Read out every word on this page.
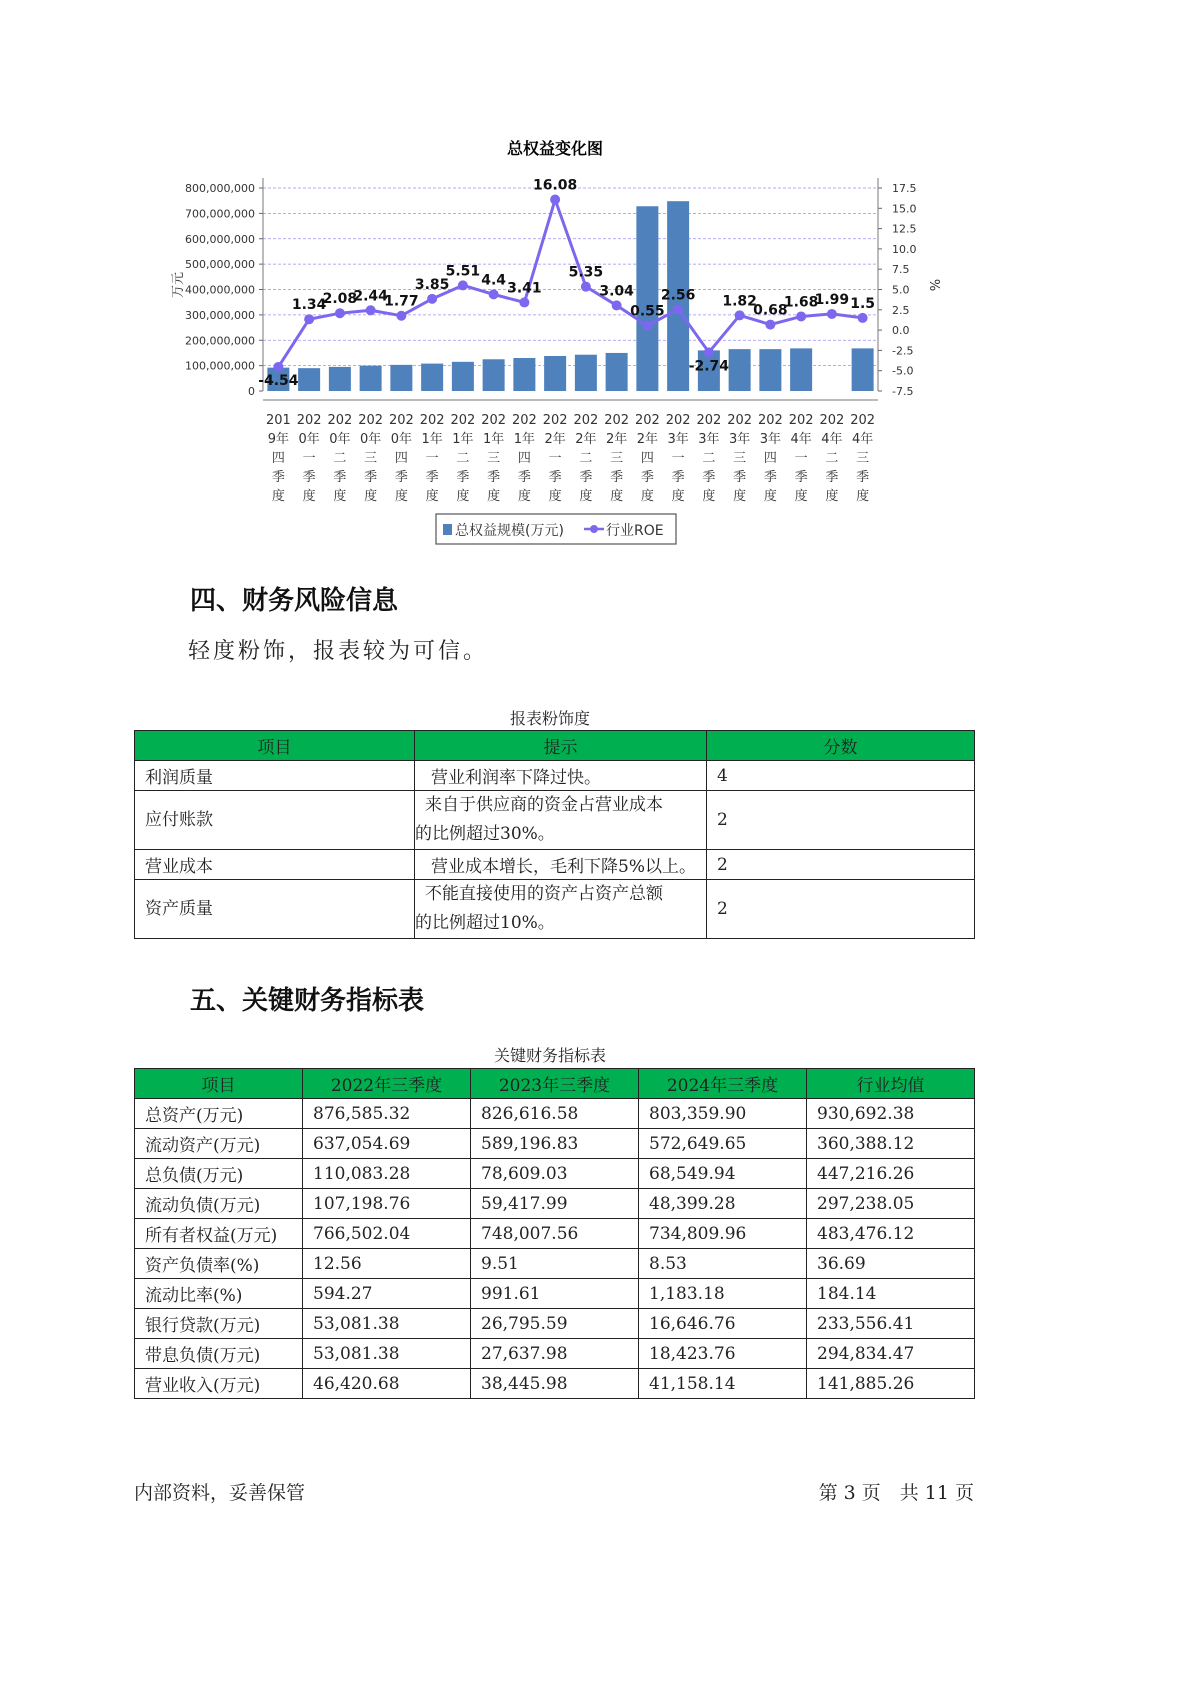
总权益变化图
0
100,000,000
200,000,000
300,000,000
400,000,000
500,000,000
600,000,000
700,000,000
800,000,000
-7.5
-5.0
-2.5
0.0
2.5
5.0
7.5
10.0
12.5
15.0
17.5
万元	%
-4.54
1.34
2.08
2.44
1.77
3.85
5.51
4.4
3.41
16.08
5.35
3.04
0.55
2.56
-2.74
1.82
0.68
1.68
1.99 1.5
201
9年
四
季
度
202
0年
一
季
度
202
0年
二
季
度
202
0年
三
季
度
202
0年
四
季
度
202
1年
一
季
度
202
1年
二
季
度
202
1年
三
季
度
202
1年
四
季
度
202
2年
一
季
度
202
2年
二
季
度
202
2年
三
季
度
202
2年
四
季
度
202
3年
一
季
度
202
3年
二
季
度
202
3年
三
季
度
202
3年
四
季
度
202
4年
一
季
度
202
4年
二
季
度
202
4年
三
季
度
总权益规模(万元)	行业ROE
四、财务风险信息

轻度粉饰，报表较为可信。

报表粉饰度

项目	提示	分数
利润质量	营业利润率下降过快。	4
应付账款	来自于供应商的资金占营业成本
的比例超过30%。	2
营业成本	营业成本增长，毛利下降5%以上。	2
资产质量	不能直接使用的资产占资产总额
的比例超过10%。	2
五、关键财务指标表

关键财务指标表

项目	2022年三季度	2023年三季度	2024年三季度	行业均值
总资产(万元)	876,585.32	826,616.58	803,359.90	930,692.38
流动资产(万元)	637,054.69	589,196.83	572,649.65	360,388.12
总负债(万元)	110,083.28	78,609.03	68,549.94	447,216.26
流动负债(万元)	107,198.76	59,417.99	48,399.28	297,238.05
所有者权益(万元)	766,502.04	748,007.56	734,809.96	483,476.12
资产负债率(%)	12.56	9.51	8.53	36.69
流动比率(%)	594.27	991.61	1,183.18	184.14
银行贷款(万元)	53,081.38	26,795.59	16,646.76	233,556.41
带息负债(万元)	53,081.38	27,637.98	18,423.76	294,834.47
营业收入(万元)	46,420.68	38,445.98	41,158.14	141,885.26

内部资料，妥善保管	第 3 页　共 11 页
